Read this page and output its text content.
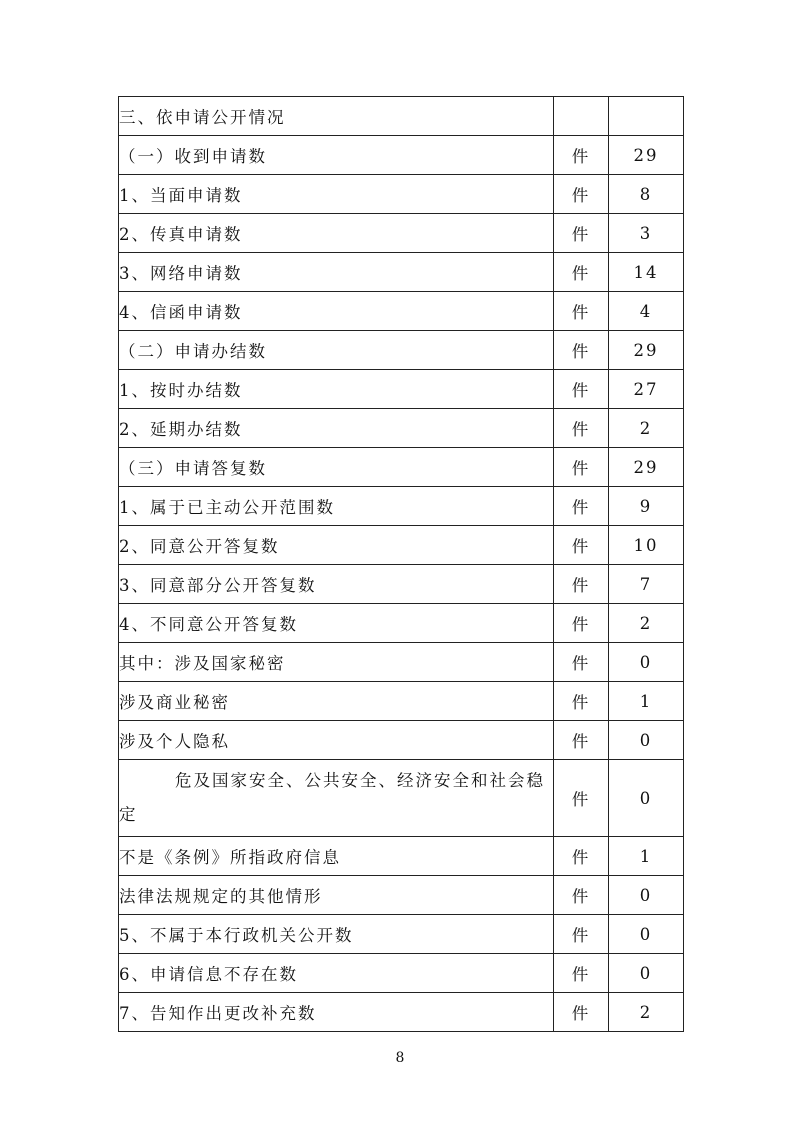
三、依申请公开情况		
（一）收到申请数	件	29
1、当面申请数	件	8
2、传真申请数	件	3
3、网络申请数	件	14
4、信函申请数	件	4
（二）申请办结数	件	29
1、按时办结数	件	27
2、延期办结数	件	2
（三）申请答复数	件	29
1、属于已主动公开范围数	件	9
2、同意公开答复数	件	10
3、同意部分公开答复数	件	7
4、不同意公开答复数	件	2
其中：涉及国家秘密	件	0
涉及商业秘密	件	1
涉及个人隐私	件	0

危及国家安全、公共安全、经济安全和社会稳定	件	0
不是《条例》所指政府信息	件	1
法律法规规定的其他情形	件	0
5、不属于本行政机关公开数	件	0
6、申请信息不存在数	件	0
7、告知作出更改补充数	件	2
8
